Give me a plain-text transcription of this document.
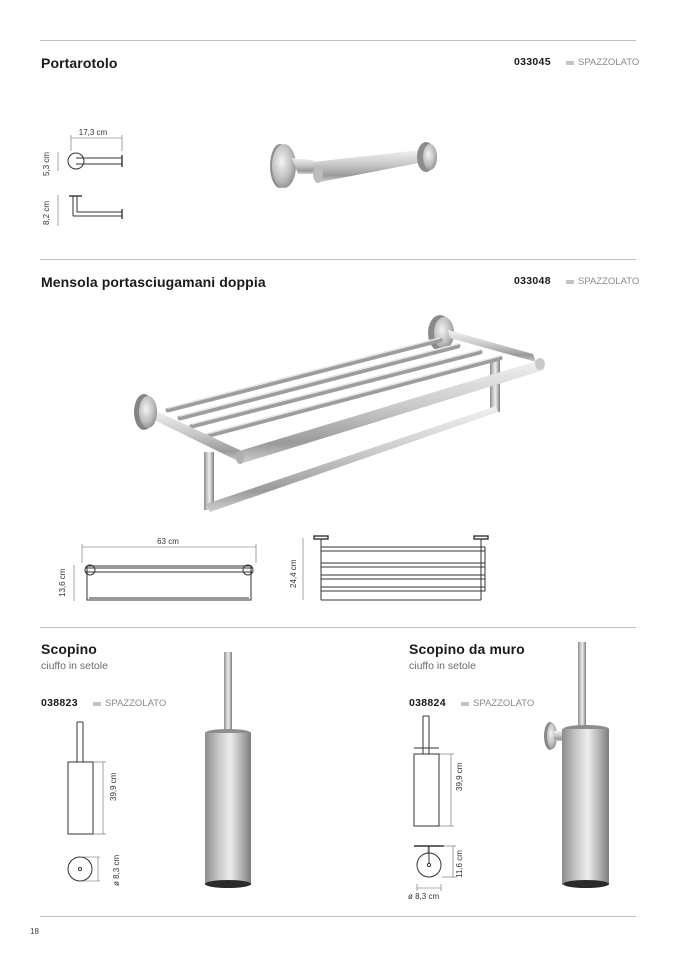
Portarotolo	033045	SPAZZOLATO
17,3 cm
5,3 cm
8,2 cm
Mensola portasciugamani doppia	033048	SPAZZOLATO
63 cm
13,6 cm	24,4 cm
Scopino
ciuffo in setole
038823	SPAZZOLATO
39,9 cm
ø 8,3 cm
Scopino da muro
ciuffo in setole
038824	SPAZZOLATO
39,9 cm
11,6 cm
ø 8,3 cm
18
